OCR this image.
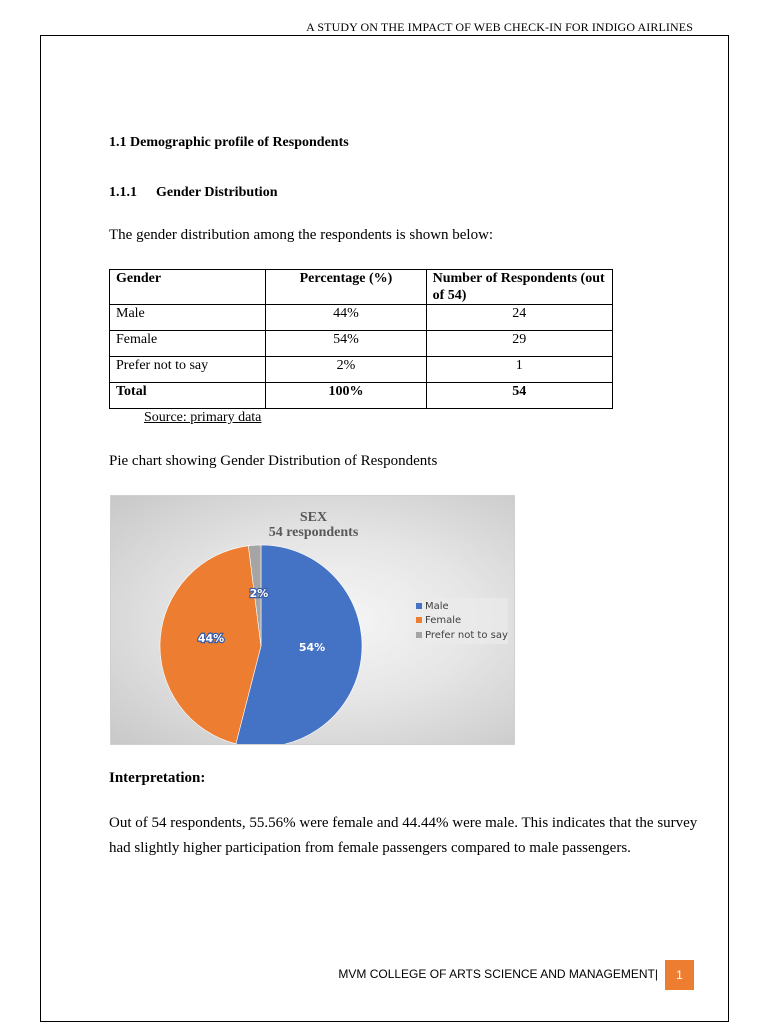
A STUDY ON THE IMPACT OF WEB CHECK-IN FOR INDIGO AIRLINES
1.1 Demographic profile of Respondents
1.1.1 Gender Distribution
The gender distribution among the respondents is shown below:
Gender	Percentage (%)	Number of Respondents (out of 54)
Male	44%	24
Female	54%	29
Prefer not to say	2%	1
Total	100%	54
Source: primary data
Pie chart showing Gender Distribution of Respondents
SEX
54 respondents
54%
44%
2%
Male
Female
Prefer not to say
Interpretation:
Out of 54 respondents, 55.56% were female and 44.44% were male. This indicates that the survey had slightly higher participation from female passengers compared to male passengers.
MVM COLLEGE OF ARTS SCIENCE AND MANAGEMENT|	1
